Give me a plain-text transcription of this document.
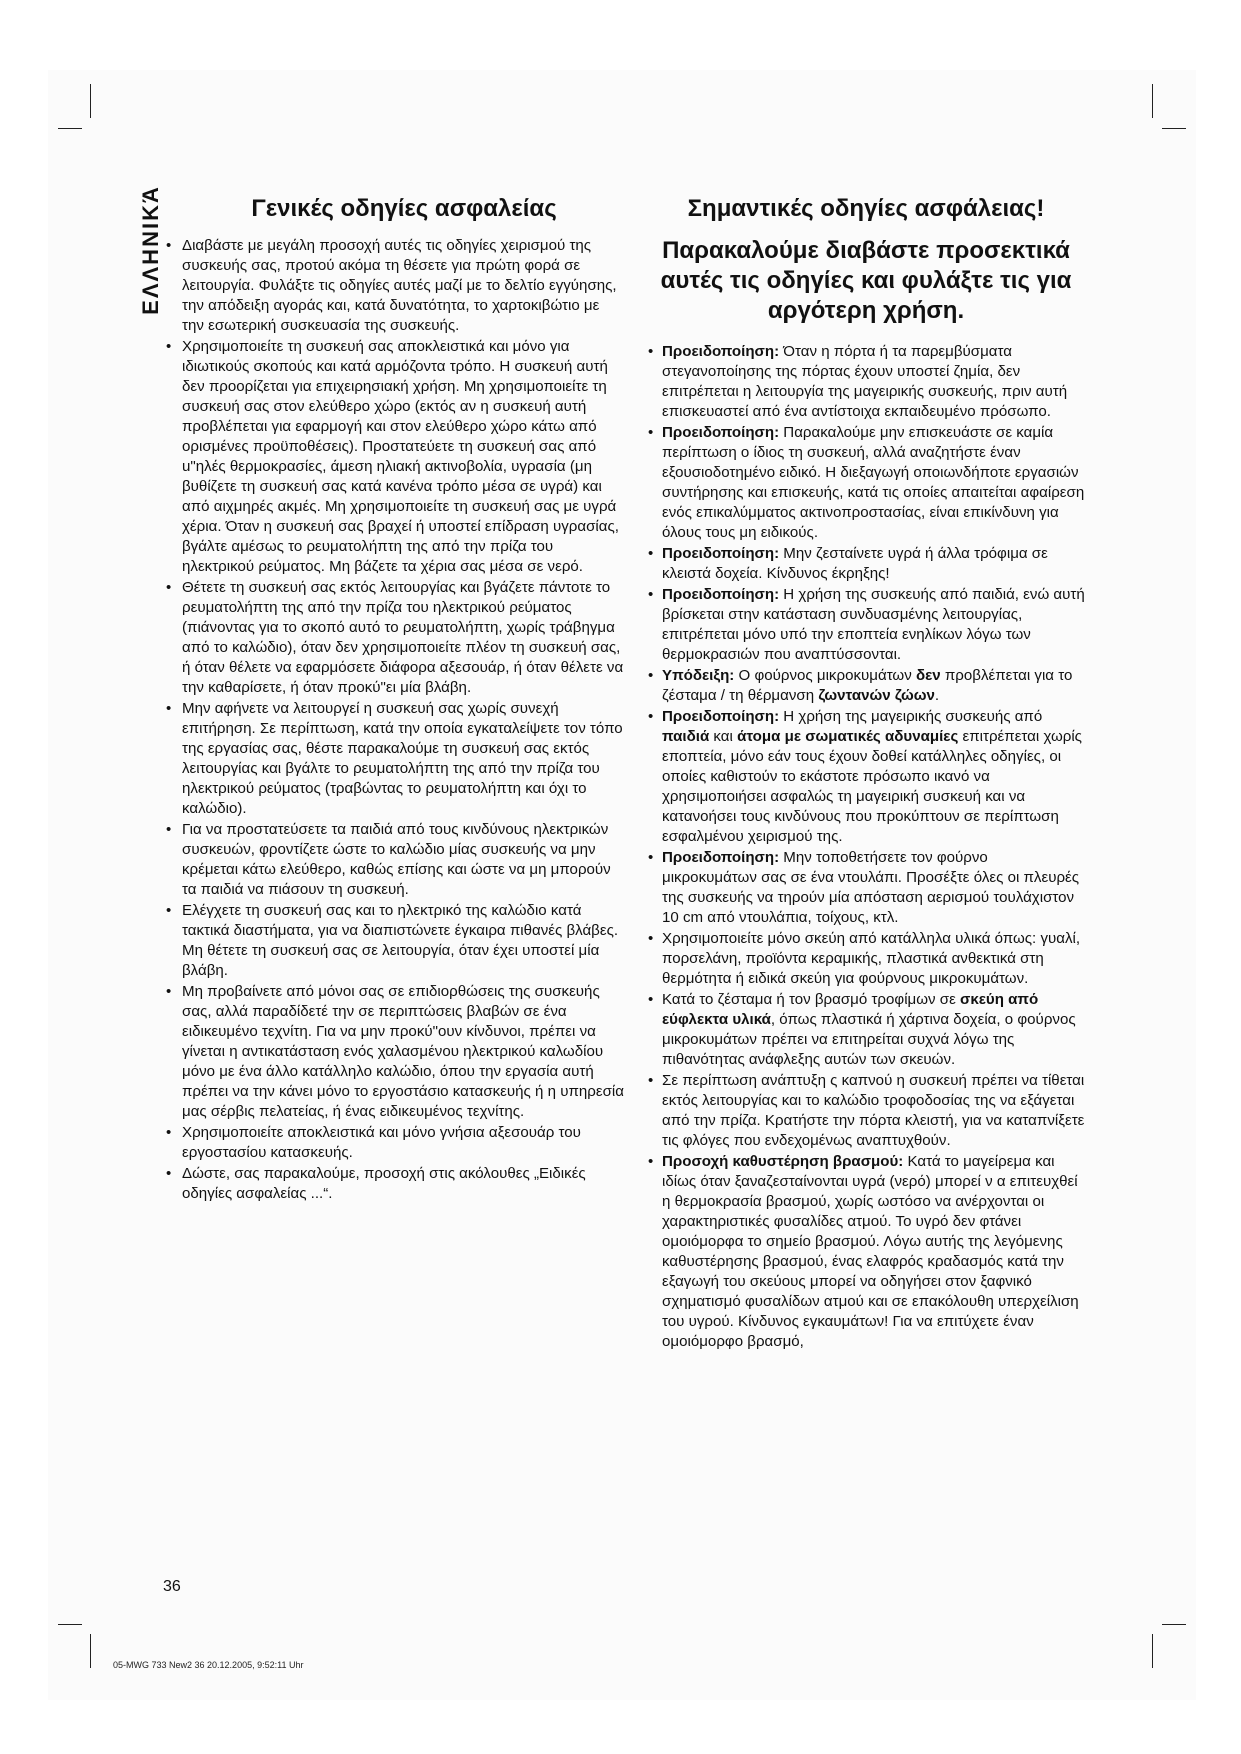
ΕΛΛΗΝΙΚΆ	Γενικές οδηγίες ασφαλείας
• Διαβάστε με μεγάλη προσοχή αυτές τις οδηγίες χειρισμού της συσκευής σας, προτού ακόμα τη θέσετε για πρώτη φορά σε λειτουργία. Φυλάξτε τις οδηγίες αυτές μαζί με το δελτίο εγγύησης, την απόδειξη αγοράς και, κατά δυνατότητα, το χαρτοκιβώτιο με την εσωτερική συσκευασία της συσκευής.
• Χρησιμοποιείτε τη συσκευή σας αποκλειστικά και μόνο για ιδιωτικούς σκοπούς και κατά αρμόζοντα τρόπο. Η συσκευή αυτή δεν προορίζεται για επιχειρησιακή χρήση. Μη χρησιμοποιείτε τη συσκευή σας στον ελεύθερο χώρο (εκτός αν η συσκευή αυτή προβλέπεται για εφαρμογή και στον ελεύθερο χώρο κάτω από ορισμένες προϋποθέσεις). Προστατεύετε τη συσκευή σας από u"ηλές θερμοκρασίες, άμεση ηλιακή ακτινοβολία, υγρασία (μη βυθίζετε τη συσκευή σας κατά κανένα τρόπο μέσα σε υγρά) και από αιχμηρές ακμές. Μη χρησιμοποιείτε τη συσκευή σας με υγρά χέρια. Όταν η συσκευή σας βραχεί ή υποστεί επίδραση υγρασίας, βγάλτε αμέσως το ρευματολήπτη της από την πρίζα του ηλεκτρικού ρεύματος. Μη βάζετε τα χέρια σας μέσα σε νερό.
• Θέτετε τη συσκευή σας εκτός λειτουργίας και βγάζετε πάντοτε το ρευματολήπτη της από την πρίζα του ηλεκτρικού ρεύματος (πιάνοντας για το σκοπό αυτό το ρευματολήπτη, χωρίς τράβηγμα από το καλώδιο), όταν δεν χρησιμοποιείτε πλέον τη συσκευή σας, ή όταν θέλετε να εφαρμόσετε διάφορα αξεσουάρ, ή όταν θέλετε να την καθαρίσετε, ή όταν προκύ"ει μία βλάβη.
• Μην αφήνετε να λειτουργεί η συσκευή σας χωρίς συνεχή επιτήρηση. Σε περίπτωση, κατά την οποία εγκαταλείψετε τον τόπο της εργασίας σας, θέστε παρακαλούμε τη συσκευή σας εκτός λειτουργίας και βγάλτε το ρευματολήπτη της από την πρίζα του ηλεκτρικού ρεύματος (τραβώντας το ρευματολήπτη και όχι το καλώδιο).
• Για να προστατεύσετε τα παιδιά από τους κινδύνους ηλεκτρικών συσκευών, φροντίζετε ώστε το καλώδιο μίας συσκευής να μην κρέμεται κάτω ελεύθερο, καθώς επίσης και ώστε να μη μπορούν τα παιδιά να πιάσουν τη συσκευή.
• Ελέγχετε τη συσκευή σας και το ηλεκτρικό της καλώδιο κατά τακτικά διαστήματα, για να διαπιστώνετε έγκαιρα πιθανές βλάβες. Μη θέτετε τη συσκευή σας σε λειτουργία, όταν έχει υποστεί μία βλάβη.
• Μη προβαίνετε από μόνοι σας σε επιδιορθώσεις της συσκευής σας, αλλά παραδίδετέ την σε περιπτώσεις βλαβών σε ένα ειδικευμένο τεχνίτη. Για να μην προκύ"ουν κίνδυνοι, πρέπει να γίνεται η αντικατάσταση ενός χαλασμένου ηλεκτρικού καλωδίου μόνο με ένα άλλο κατάλληλο καλώδιο, όπου την εργασία αυτή πρέπει να την κάνει μόνο το εργοστάσιο κατασκευής ή η υπηρεσία μας σέρβις πελατείας, ή ένας ειδικευμένος τεχνίτης.
• Χρησιμοποιείτε αποκλειστικά και μόνο γνήσια αξεσουάρ του εργοστασίου κατασκευής.
• Δώστε, σας παρακαλούμε, προσοχή στις ακόλουθες „Ειδικές οδηγίες ασφαλείας ...“.
Σημαντικές οδηγίες ασφάλειας!
Παρακαλούμε διαβάστε προσεκτικά αυτές τις οδηγίες και φυλάξτε τις για αργότερη χρήση.
• Προειδοποίηση: Όταν η πόρτα ή τα παρεμβύσματα στεγανοποίησης της πόρτας έχουν υποστεί ζημία, δεν επιτρέπεται η λειτουργία της μαγειρικής συσκευής, πριν αυτή επισκευαστεί από ένα αντίστοιχα εκπαιδευμένο πρόσωπο.
• Προειδοποίηση: Παρακαλούμε μην επισκευάστε σε καμία περίπτωση ο ίδιος τη συσκευή, αλλά αναζητήστε έναν εξουσιοδοτημένο ειδικό. Η διεξαγωγή οποιωνδήποτε εργασιών συντήρησης και επισκευής, κατά τις οποίες απαιτείται αφαίρεση ενός επικαλύμματος ακτινοπροστασίας, είναι επικίνδυνη για όλους τους μη ειδικούς.
• Προειδοποίηση: Μην ζεσταίνετε υγρά ή άλλα τρόφιμα σε κλειστά δοχεία. Κίνδυνος έκρηξης!
• Προειδοποίηση: Η χρήση της συσκευής από παιδιά, ενώ αυτή βρίσκεται στην κατάσταση συνδυασμένης λειτουργίας, επιτρέπεται μόνο υπό την εποπτεία ενηλίκων λόγω των θερμοκρασιών που αναπτύσσονται.
• Υπόδειξη: Ο φούρνος μικροκυμάτων δεν προβλέπεται για το ζέσταμα / τη θέρμανση ζωντανών ζώων.
• Προειδοποίηση: Η χρήση της μαγειρικής συσκευής από παιδιά και άτομα με σωματικές αδυναμίες επιτρέπεται χωρίς εποπτεία, μόνο εάν τους έχουν δοθεί κατάλληλες οδηγίες, οι οποίες καθιστούν το εκάστοτε πρόσωπο ικανό να χρησιμοποιήσει ασφαλώς τη μαγειρική συσκευή και να κατανοήσει τους κινδύνους που προκύπτουν σε περίπτωση εσφαλμένου χειρισμού της.
• Προειδοποίηση: Μην τοποθετήσετε τον φούρνο μικροκυμάτων σας σε ένα ντουλάπι. Προσέξτε όλες οι πλευρές της συσκευής να τηρούν μία απόσταση αερισμού τουλάχιστον 10 cm από ντουλάπια, τοίχους, κτλ.
• Χρησιμοποιείτε μόνο σκεύη από κατάλληλα υλικά όπως: γυαλί, πορσελάνη, προϊόντα κεραμικής, πλαστικά ανθεκτικά στη θερμότητα ή ειδικά σκεύη για φούρνους μικροκυμάτων.
• Κατά το ζέσταμα ή τον βρασμό τροφίμων σε σκεύη από εύφλεκτα υλικά, όπως πλαστικά ή χάρτινα δοχεία, ο φούρνος μικροκυμάτων πρέπει να επιτηρείται συχνά λόγω της πιθανότητας ανάφλεξης αυτών των σκευών.
• Σε περίπτωση ανάπτυξη ς καπνού η συσκευή πρέπει να τίθεται εκτός λειτουργίας και το καλώδιο τροφοδοσίας της να εξάγεται από την πρίζα. Κρατήστε την πόρτα κλειστή, για να καταπνίξετε τις φλόγες που ενδεχομένως αναπτυχθούν.
• Προσοχή καθυστέρηση βρασμού: Κατά το μαγείρεμα και ιδίως όταν ξαναζεσταίνονται υγρά (νερό) μπορεί ν α επιτευχθεί η θερμοκρασία βρασμού, χωρίς ωστόσο να ανέρχονται οι χαρακτηριστικές φυσαλίδες ατμού. Το υγρό δεν φτάνει ομοιόμορφα το σημείο βρασμού. Λόγω αυτής της λεγόμενης καθυστέρησης βρασμού, ένας ελαφρός κραδασμός κατά την εξαγωγή του σκεύους μπορεί να οδηγήσει στον ξαφνικό σχηματισμό φυσαλίδων ατμού και σε επακόλουθη υπερχείλιση του υγρού. Κίνδυνος εγκαυμάτων! Για να επιτύχετε έναν ομοιόμορφο βρασμό,
36
05-MWG 733 New2 36 20.12.2005, 9:52:11 Uhr
